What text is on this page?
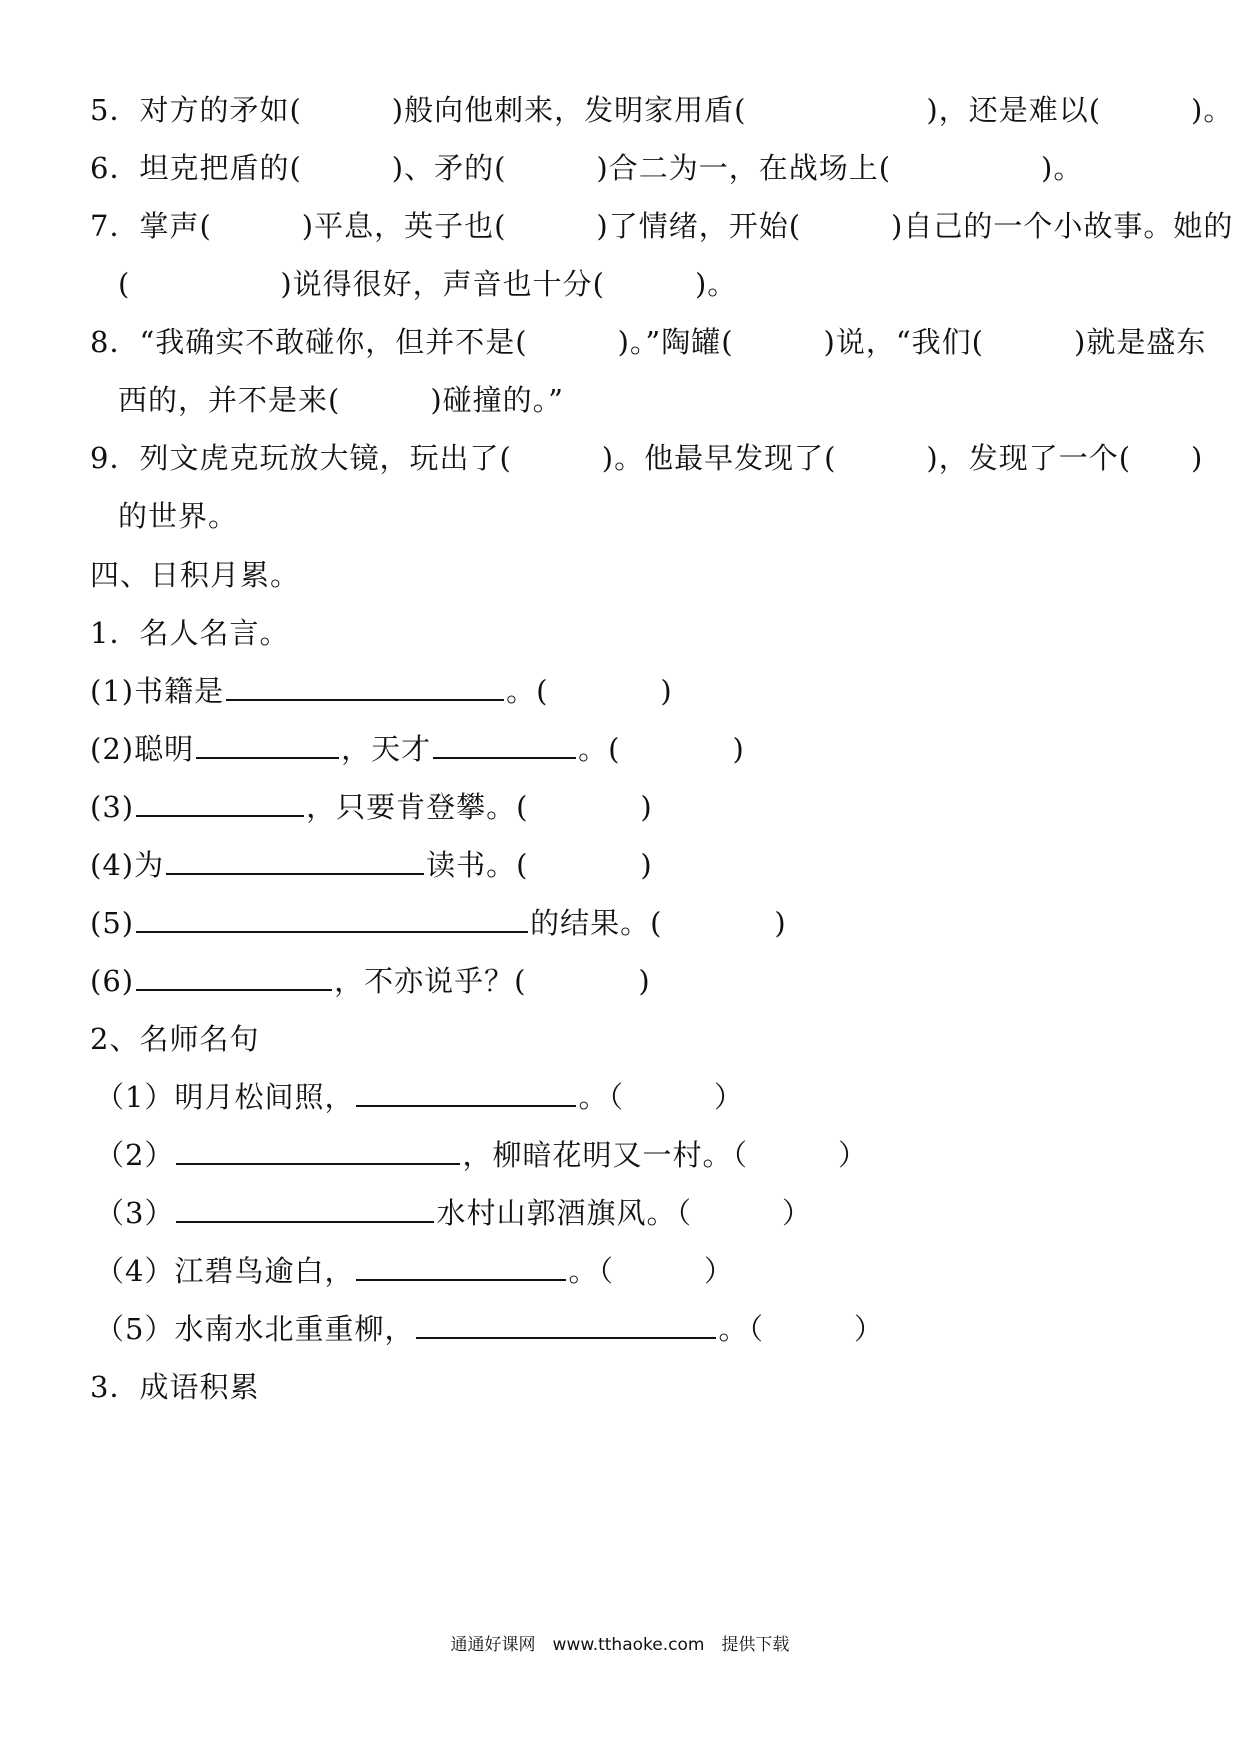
5．对方的矛如(　　　)般向他刺来，发明家用盾(　　　　　　)，还是难以(　　　)。
6．坦克把盾的(　　　)、矛的(　　　)合二为一，在战场上(　　　　　)。
7．掌声(　　　)平息，英子也(　　　)了情绪，开始(　　　)自己的一个小故事。她的
(　　　　　)说得很好，声音也十分(　　　)。
8．“我确实不敢碰你，但并不是(　　　)。”陶罐(　　　)说，“我们(　　　)就是盛东
西的，并不是来(　　　)碰撞的。”
9．列文虎克玩放大镜，玩出了(　　　)。他最早发现了(　　　)，发现了一个(　　)
的世界。
四、日积月累。
1．名人名言。
(1)书籍是	。(	)
(2)聪明	，天才	。(	)
(3)	，只要肯登攀。(	)
(4)为	读书。(	)
(5)	的结果。(	)
(6)	，不亦说乎？(	)
2、名师名句
（1）明月松间照，	。（	）
（2）	，柳暗花明又一村。（	）
（3）	水村山郭酒旗风。（	）
（4）江碧鸟逾白，	。（	）
（5）水南水北重重柳，	。（	）
3．成语积累
通通好课网　www.tthaoke.com　提供下载
